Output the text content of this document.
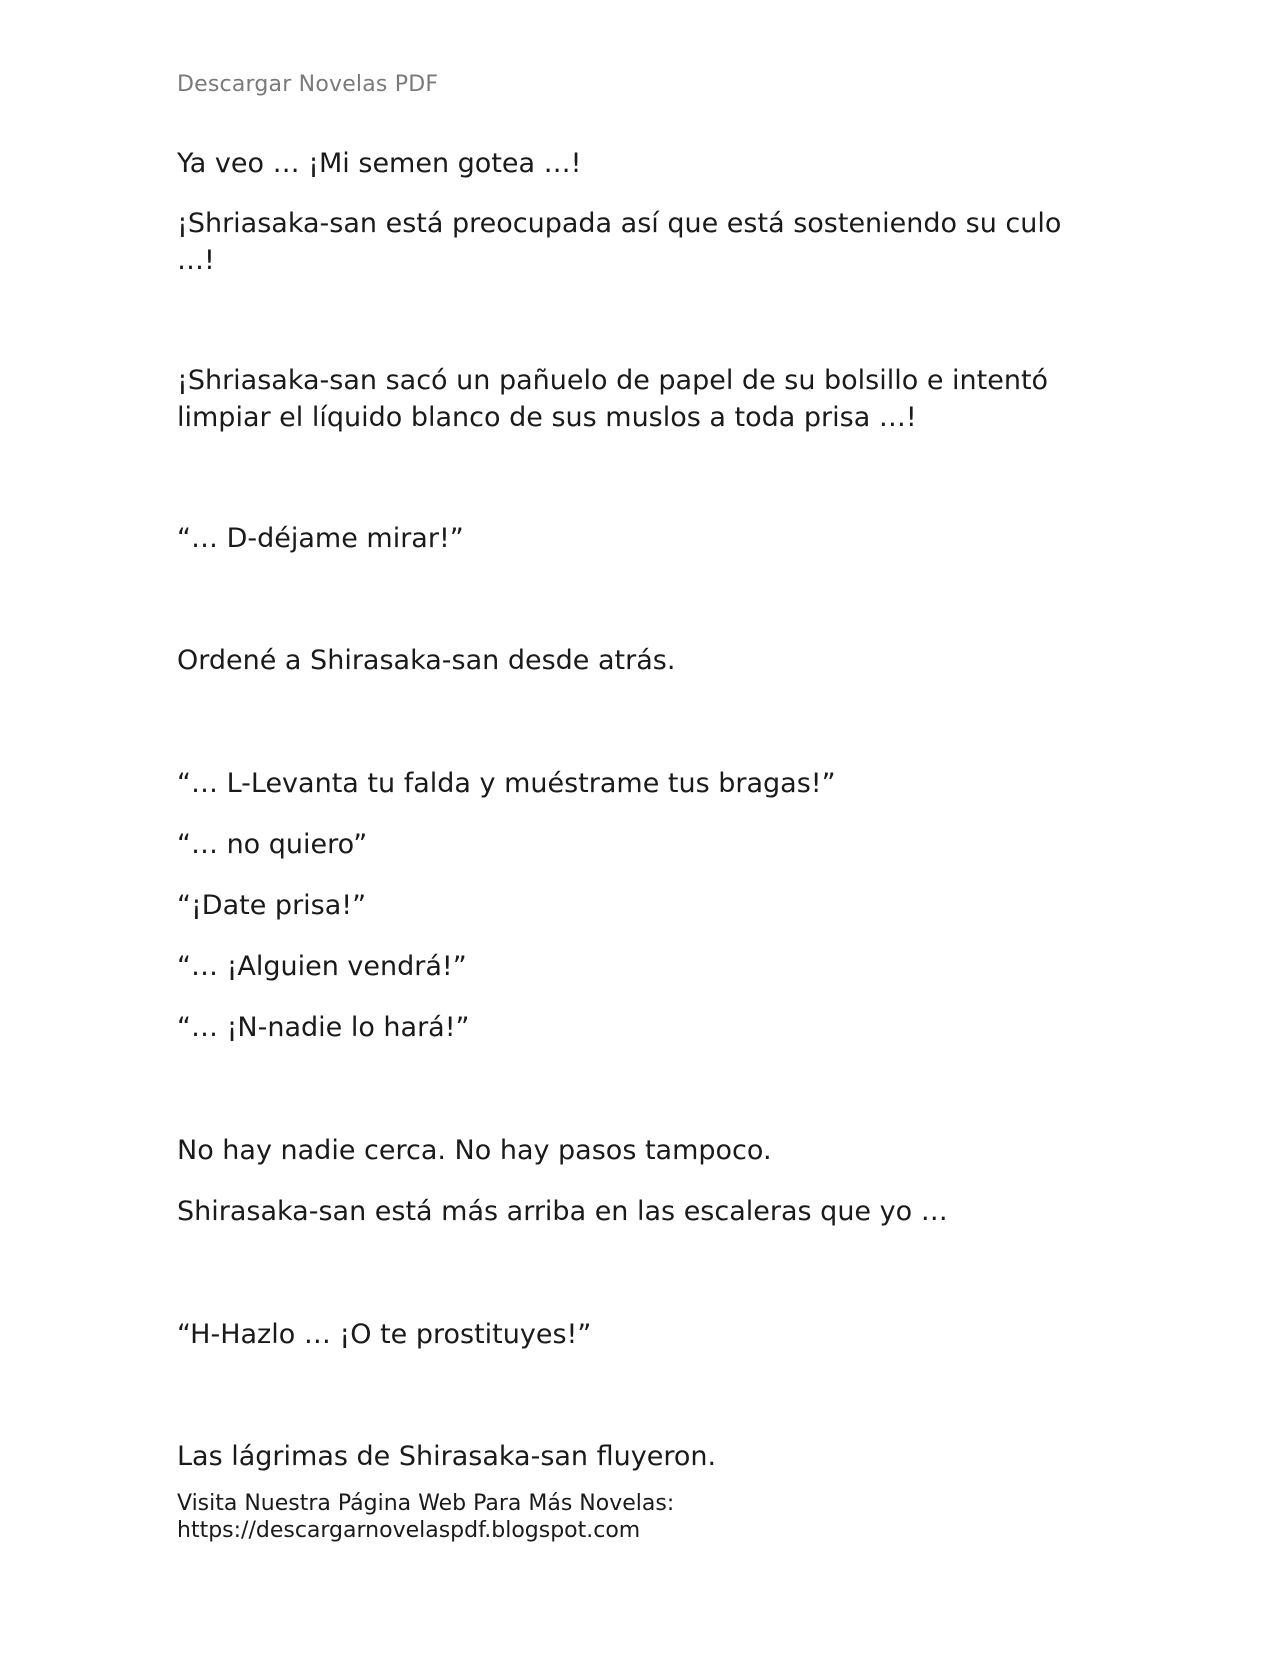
Descargar Novelas PDF

Ya veo … ¡Mi semen gotea …!

¡Shriasaka-san está preocupada así que está sosteniendo su culo …!

¡Shriasaka-san sacó un pañuelo de papel de su bolsillo e intentó limpiar el líquido blanco de sus muslos a toda prisa …!

“… D-déjame mirar!”

Ordené a Shirasaka-san desde atrás.

“… L-Levanta tu falda y muéstrame tus bragas!”

“… no quiero”

“¡Date prisa!”

“… ¡Alguien vendrá!”

“… ¡N-nadie lo hará!”

No hay nadie cerca. No hay pasos tampoco.

Shirasaka-san está más arriba en las escaleras que yo …

“H-Hazlo … ¡O te prostituyes!”

Las lágrimas de Shirasaka-san fluyeron.

Visita Nuestra Página Web Para Más Novelas:
https://descargarnovelaspdf.blogspot.com
